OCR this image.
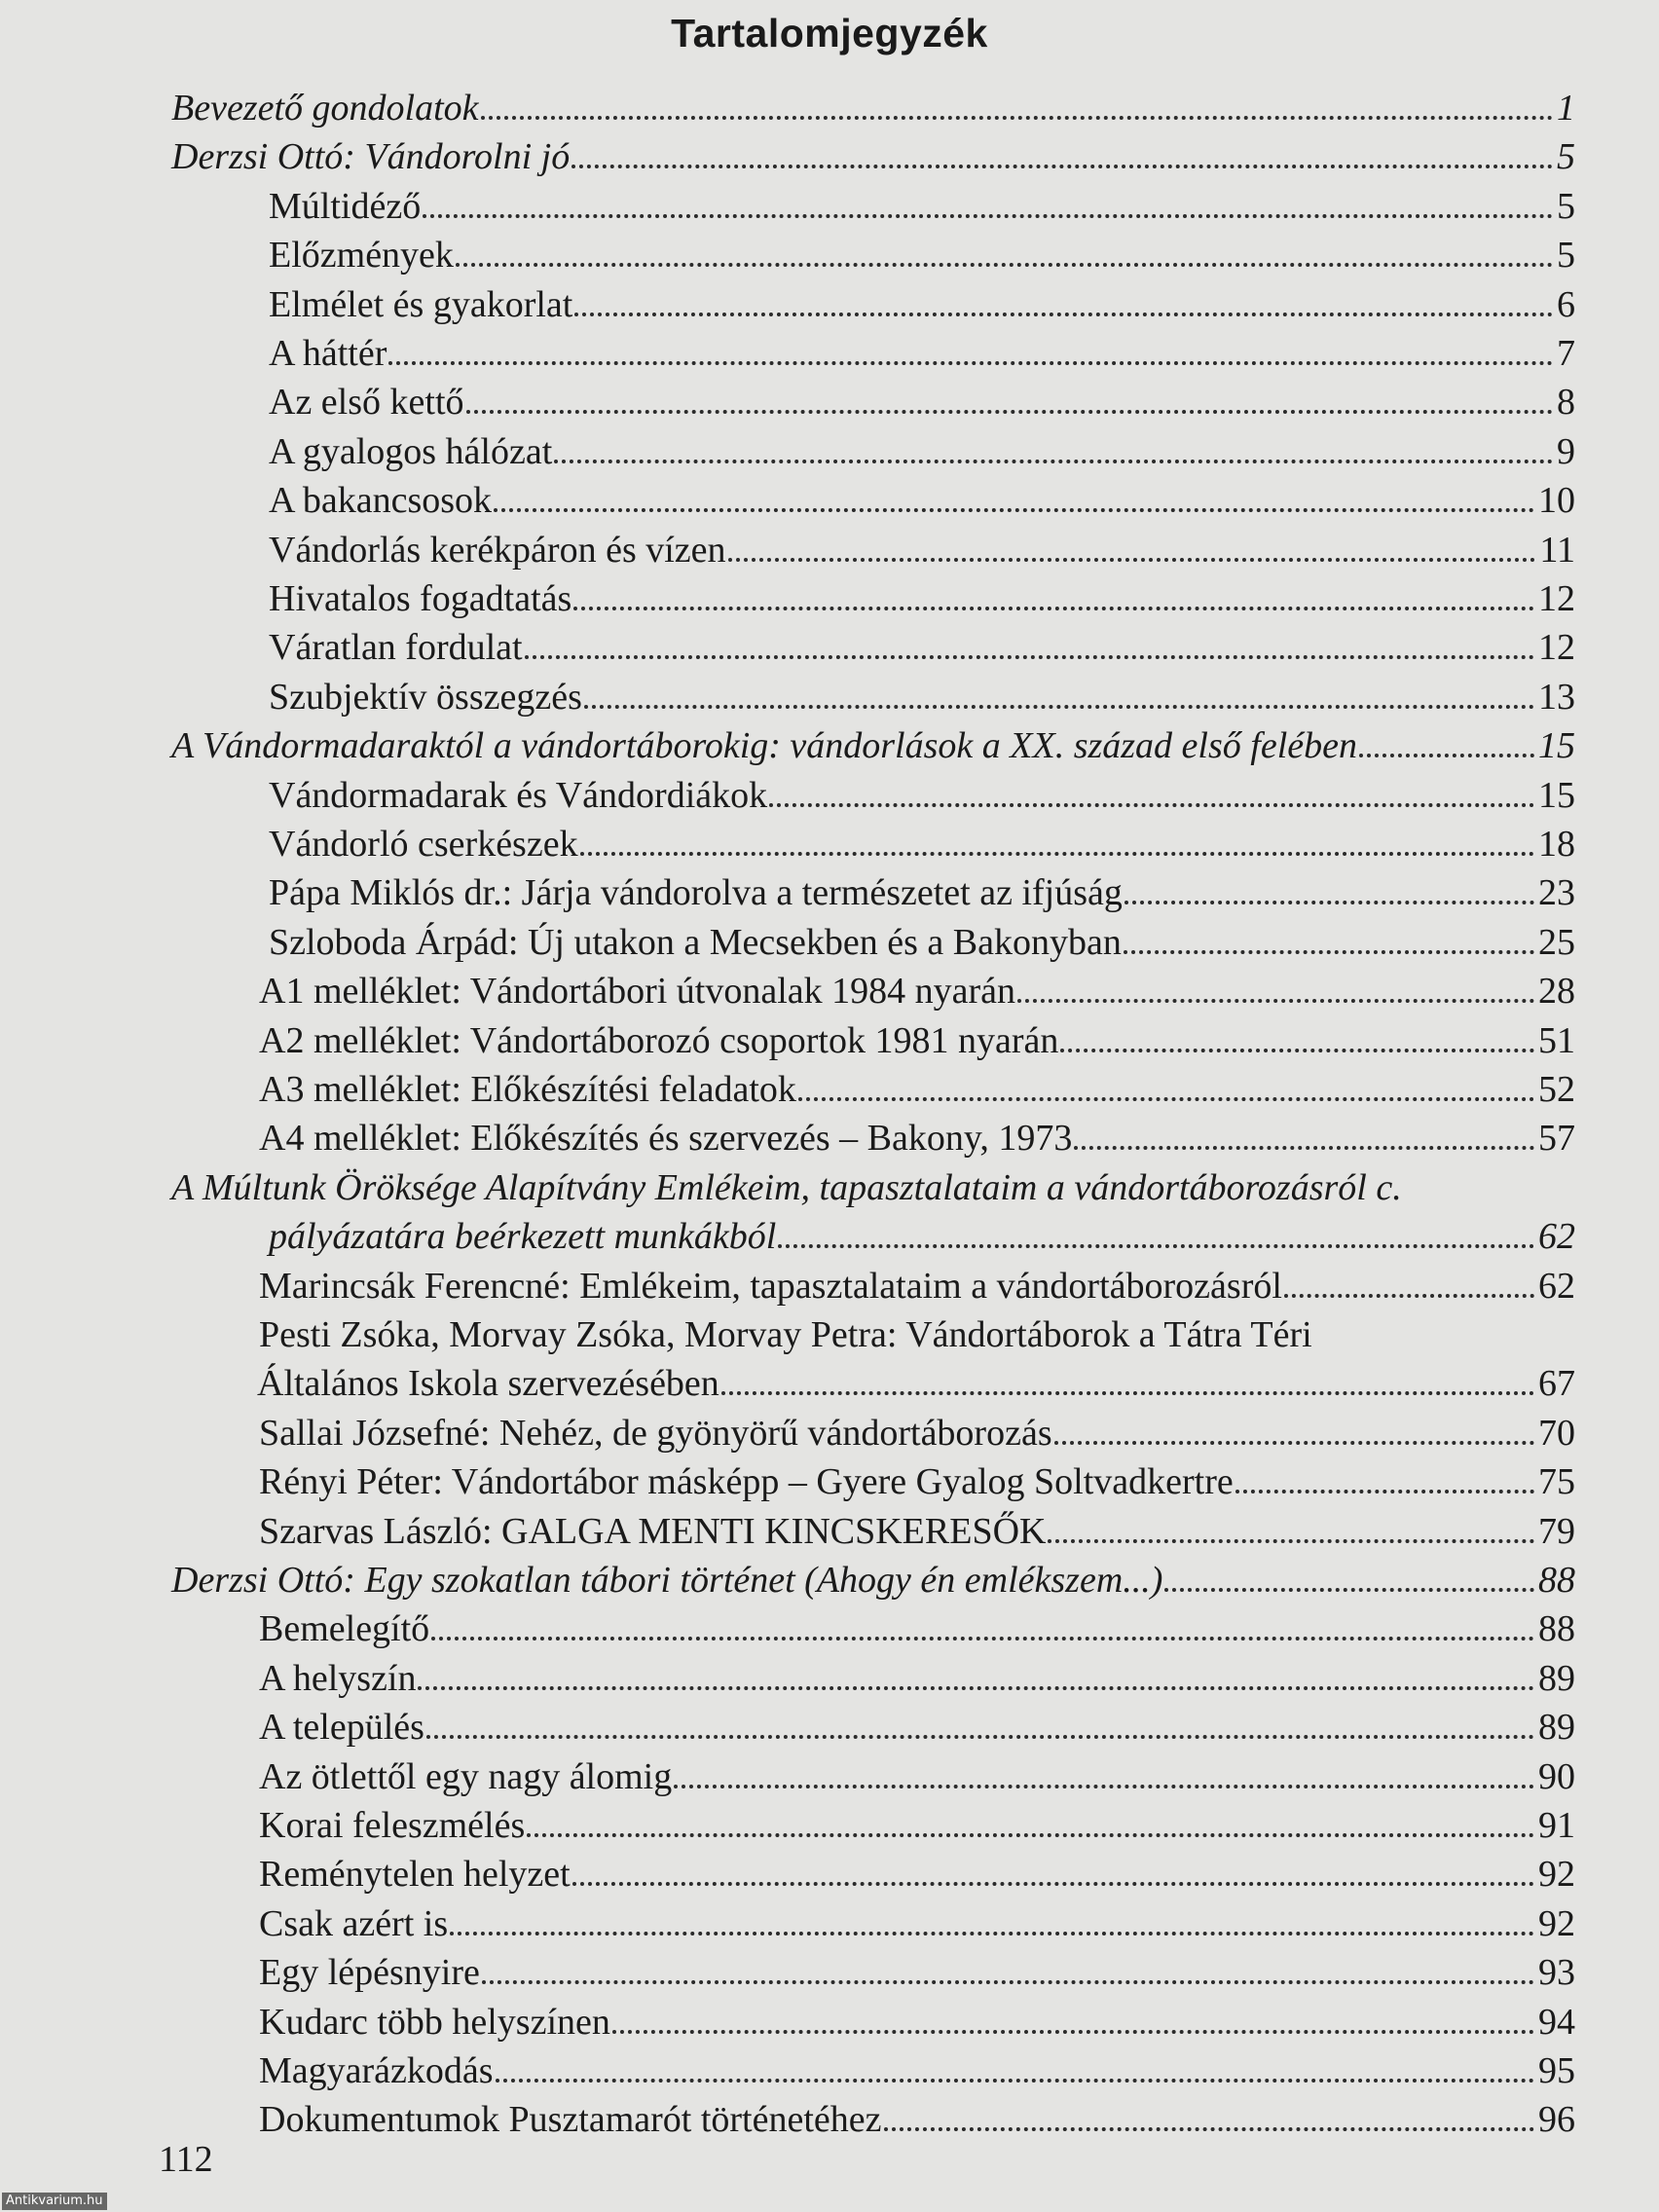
Tartalomjegyzék
Bevezető gondolatok	1
Derzsi Ottó: Vándorolni jó	5
Múltidéző	5
Előzmények	5
Elmélet és gyakorlat	6
A háttér	7
Az első kettő	8
A gyalogos hálózat	9
A bakancsosok	10
Vándorlás kerékpáron és vízen	11
Hivatalos fogadtatás	12
Váratlan fordulat	12
Szubjektív összegzés	13
A Vándormadaraktól a vándortáborokig: vándorlások a XX. század első felében	15
Vándormadarak és Vándordiákok	15
Vándorló cserkészek	18
Pápa Miklós dr.: Járja vándorolva a természetet az ifjúság	23
Szloboda Árpád: Új utakon a Mecsekben és a Bakonyban	25
A1 melléklet: Vándortábori útvonalak 1984 nyarán	28
A2 melléklet: Vándortáborozó csoportok 1981 nyarán	51
A3 melléklet: Előkészítési feladatok	52
A4 melléklet: Előkészítés és szervezés – Bakony, 1973	57
A Múltunk Öröksége Alapítvány Emlékeim, tapasztalataim a vándortáborozásról c.
pályázatára beérkezett munkákból	62
Marincsák Ferencné: Emlékeim, tapasztalataim a vándortáborozásról	62
Pesti Zsóka, Morvay Zsóka, Morvay Petra: Vándortáborok a Tátra Téri
Általános Iskola szervezésében	67
Sallai Józsefné: Nehéz, de gyönyörű vándortáborozás	70
Rényi Péter: Vándortábor másképp – Gyere Gyalog Soltvadkertre	75
Szarvas László: GALGA MENTI KINCSKERESŐK	79
Derzsi Ottó: Egy szokatlan tábori történet (Ahogy én emlékszem...)	88
Bemelegítő	88
A helyszín	89
A település	89
Az ötlettől egy nagy álomig	90
Korai feleszmélés	91
Reménytelen helyzet	92
Csak azért is	92
Egy lépésnyire	93
Kudarc több helyszínen	94
Magyarázkodás	95
Dokumentumok Pusztamarót történetéhez	96
112
Antikvarium.hu
